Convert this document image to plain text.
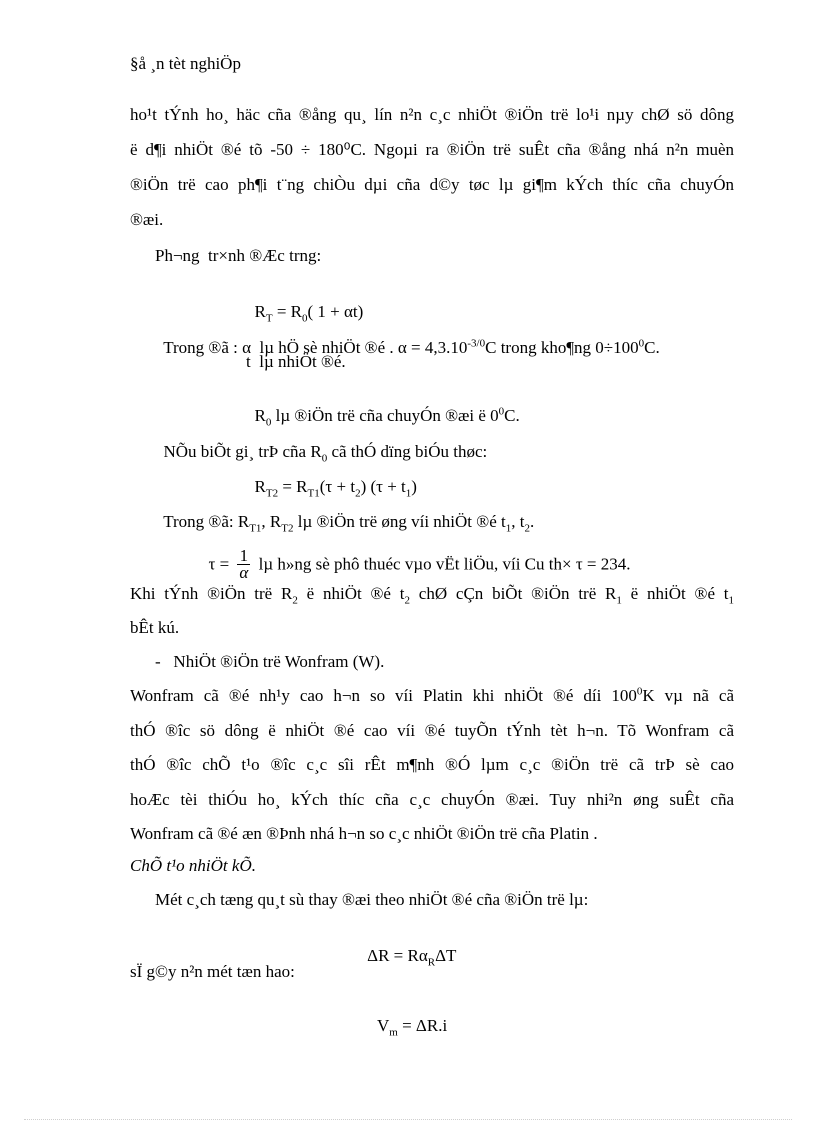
§å ¸n tèt nghiÖp
ho¹t tÝnh ho¸ häc cña ®ång qu¸ lín n²n c¸c nhiÖt ®iÖn trë lo¹i nµy chØ sö dông
ë d¶i nhiÖt ®é tõ -50 ÷ 180⁰C. Ngoµi ra ®iÖn trë suÊt cña ®ång nhá n²n muèn
®iÖn trë cao ph¶i t¨ng chiÒu dµi cña d©y tøc lµ gi¶m kÝch thíc cña chuyÓn
®æi.
Ph¬ng  tr×nh ®Æc trng:

$R_T = R_0$( 1 + αt)

Trong ®ã : α  lµ hÖ sè nhiÖt ®é . $\alpha = 4,3.10^{-3/0}C$ trong kho¶ng $0\div 100^0C$.

t  lµ nhiÖt ®é.

$R_0$ lµ ®iÖn trë cña chuyÓn ®æi ë $0^0C$.

NÕu biÕt gi¸ trÞ cña $R_0$ cã thÓ dïng biÓu thøc:

$R_{T2} = R_{T1}(\tau + t_2) (\tau + t_1)$

Trong ®ã: $R_{T1}$, $R_{T2}$ lµ ®iÖn trë øng víi nhiÖt ®é $t_1$, $t_2$.

$\tau = \frac{1}{\alpha}$ lµ h»ng sè phô thuéc vµo vËt liÖu, víi Cu th× τ = 234.

Khi tÝnh ®iÖn trë $R_2$ ë nhiÖt ®é $t_2$ chØ cÇn biÕt ®iÖn trë $R_1$ ë nhiÖt ®é $t_1$
bÊt kú.
-   NhiÖt ®iÖn trë Wonfram (W).
Wonfram cã ®é nh¹y cao h¬n so víi Platin khi nhiÖt ®é díi $100^0K$ vµ nã cã
thÓ ®îc sö dông ë nhiÖt ®é cao víi ®é tuyÕn tÝnh tèt h¬n. Tõ Wonfram cã
thÓ ®îc chÕ t¹o ®îc c¸c sîi rÊt m¶nh ®Ó lµm c¸c ®iÖn trë cã trÞ sè cao
hoÆc tèi thiÓu ho¸ kÝch thíc cña c¸c chuyÓn ®æi. Tuy nhi²n øng suÊt cña
Wonfram cã ®é æn ®Þnh nhá h¬n so c¸c nhiÖt ®iÖn trë cña Platin .
ChÕ t¹o nhiÖt kÕ.
Mét c¸ch tæng qu¸t sù thay ®æi theo nhiÖt ®é cña ®iÖn trë lµ:

$\Delta R = R\alpha_R\Delta T$

sÏ g©y n²n mét tæn hao:

$V_m = \Delta R.i$
